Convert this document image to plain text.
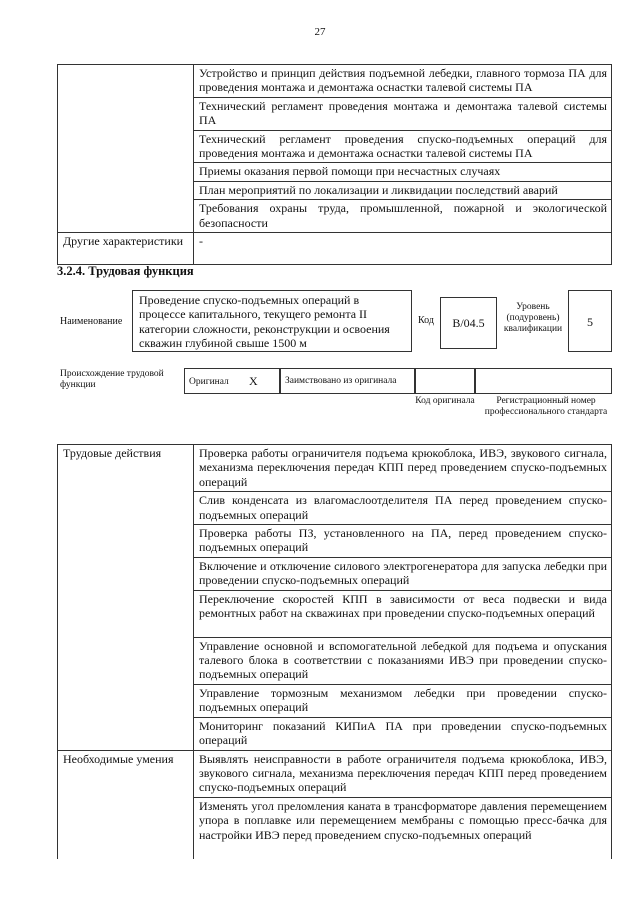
27
	Устройство и принцип действия подъемной лебедки, главного тормоза ПА для проведения монтажа и демонтажа оснастки талевой системы ПА
	Технический регламент проведения монтажа и демонтажа талевой системы ПА
	Технический регламент проведения спуско-подъемных операций для проведения монтажа и демонтажа оснастки талевой системы ПА
	Приемы оказания первой помощи при несчастных случаях
	План мероприятий по локализации и ликвидации последствий аварий
	Требования охраны труда, промышленной, пожарной и экологической безопасности
Другие характеристики	-
3.2.4. Трудовая функция
Наименование
Проведение спуско-подъемных операций в процессе капитального, текущего ремонта II категории сложности, реконструкции и освоения скважин глубиной свыше 1500 м
Код	B/04.5
Уровень (подуровень) квалификации	5
Происхождение трудовой функции	Оригинал X	Заимствовано из оригинала
Код оригинала	Регистрационный номер профессионального стандарта
Трудовые действия	Проверка работы ограничителя подъема крюкоблока, ИВЭ, звукового сигнала, механизма переключения передач КПП перед проведением спуско-подъемных операций
	Слив конденсата из влагомаслоотделителя ПА перед проведением спуско-подъемных операций
	Проверка работы ПЗ, установленного на ПА, перед проведением спуско-подъемных операций
	Включение и отключение силового электрогенератора для запуска лебедки при проведении спуско-подъемных операций
	Переключение скоростей КПП в зависимости от веса подвески и вида ремонтных работ на скважинах при проведении спуско-подъемных операций
	Управление основной и вспомогательной лебедкой для подъема и опускания талевого блока в соответствии с показаниями ИВЭ при проведении спуско-подъемных операций
	Управление тормозным механизмом лебедки при проведении спуско-подъемных операций
	Мониторинг показаний КИПиА ПА при проведении спуско-подъемных операций
Необходимые умения	Выявлять неисправности в работе ограничителя подъема крюкоблока, ИВЭ, звукового сигнала, механизма переключения передач КПП перед проведением спуско-подъемных операций
	Изменять угол преломления каната в трансформаторе давления перемещением упора в поплавке или перемещением мембраны с помощью пресс-бачка для настройки ИВЭ перед проведением спуско-подъемных операций
